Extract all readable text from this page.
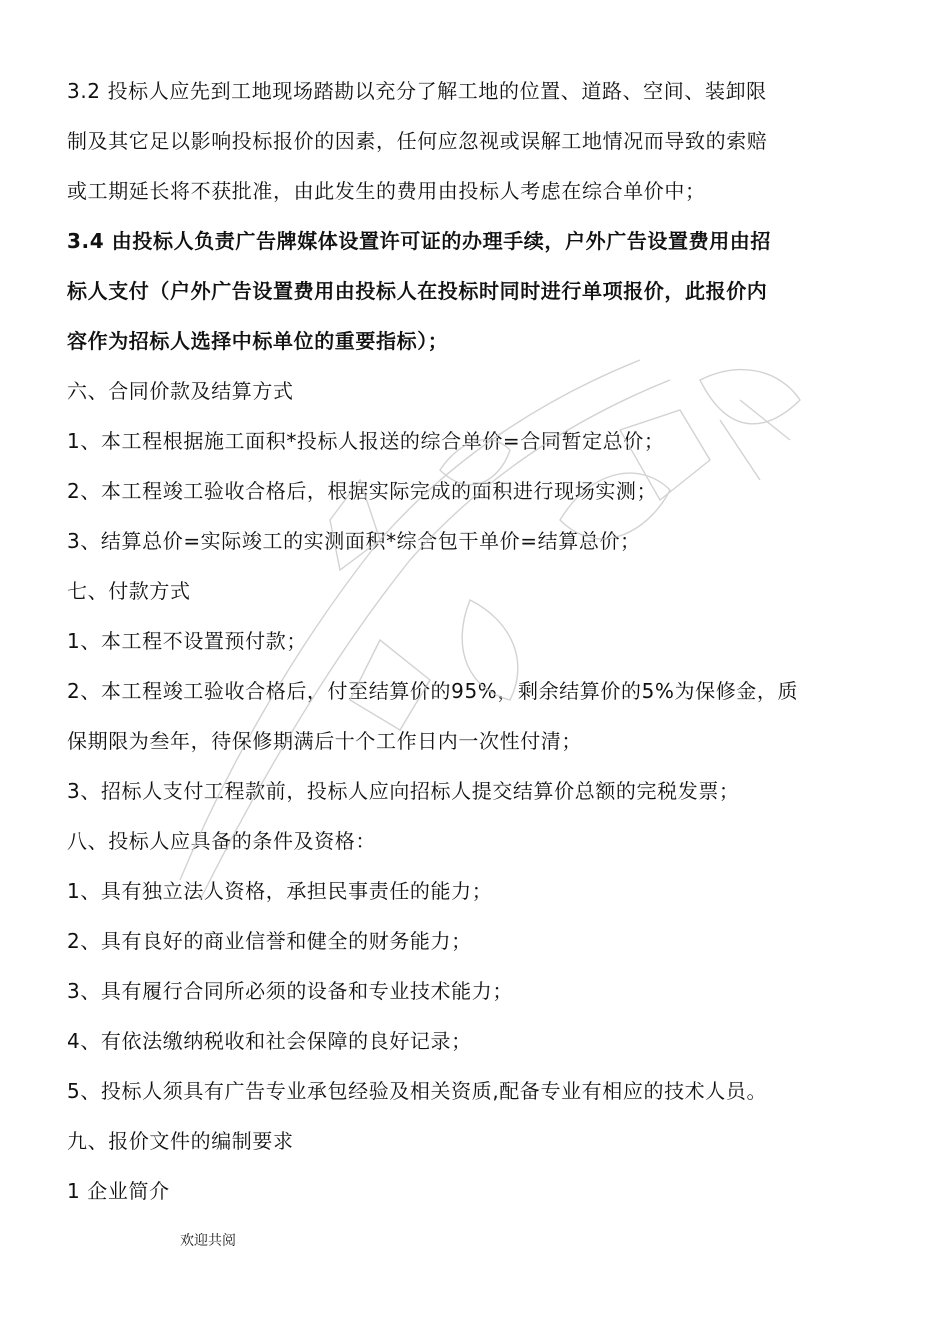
3.2 投标人应先到工地现场踏勘以充分了解工地的位置、道路、空间、装卸限
制及其它足以影响投标报价的因素，任何应忽视或误解工地情况而导致的索赔
或工期延长将不获批准，由此发生的费用由投标人考虑在综合单价中；
3.4 由投标人负责广告牌媒体设置许可证的办理手续，户外广告设置费用由招
标人支付（户外广告设置费用由投标人在投标时同时进行单项报价，此报价内
容作为招标人选择中标单位的重要指标）；
六、合同价款及结算方式
1、本工程根据施工面积*投标人报送的综合单价=合同暂定总价；
2、本工程竣工验收合格后，根据实际完成的面积进行现场实测；
3、结算总价=实际竣工的实测面积*综合包干单价=结算总价；
七、付款方式
1、本工程不设置预付款；
2、本工程竣工验收合格后，付至结算价的95%，剩余结算价的5%为保修金，质
保期限为叁年，待保修期满后十个工作日内一次性付清；
3、招标人支付工程款前，投标人应向招标人提交结算价总额的完税发票；
八、投标人应具备的条件及资格：
1、具有独立法人资格，承担民事责任的能力；
2、具有良好的商业信誉和健全的财务能力；
3、具有履行合同所必须的设备和专业技术能力；
4、有依法缴纳税收和社会保障的良好记录；
5、投标人须具有广告专业承包经验及相关资质,配备专业有相应的技术人员。
九、报价文件的编制要求
1 企业简介
欢迎共阅
